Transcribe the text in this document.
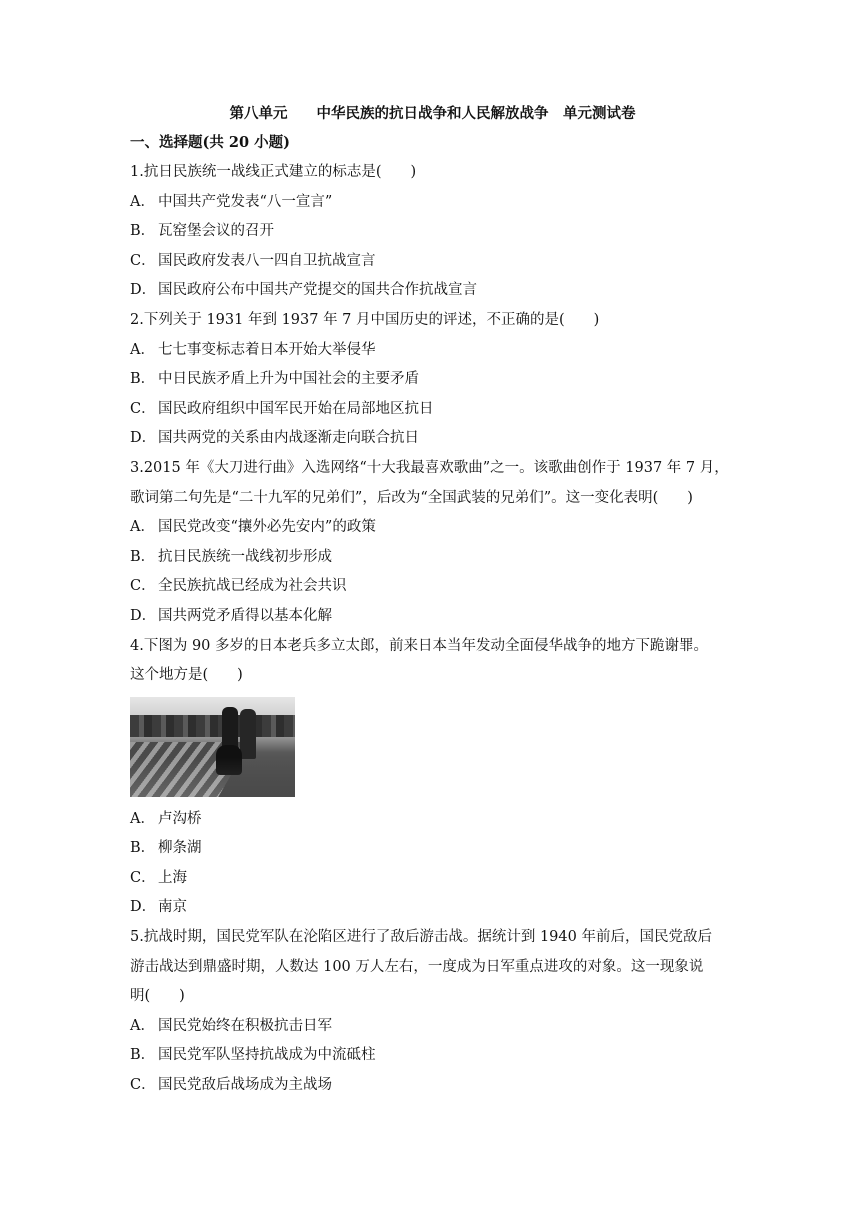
第八单元　　中华民族的抗日战争和人民解放战争　单元测试卷
一、选择题(共 20 小题)
1.抗日民族统一战线正式建立的标志是(　　)
A． 中国共产党发表“八一宣言”
B． 瓦窑堡会议的召开
C． 国民政府发表八一四自卫抗战宣言
D． 国民政府公布中国共产党提交的国共合作抗战宣言
2.下列关于 1931 年到 1937 年 7 月中国历史的评述，不正确的是(　　)
A． 七七事变标志着日本开始大举侵华
B． 中日民族矛盾上升为中国社会的主要矛盾
C． 国民政府组织中国军民开始在局部地区抗日
D． 国共两党的关系由内战逐渐走向联合抗日
3.2015 年《大刀进行曲》入选网络“十大我最喜欢歌曲”之一。该歌曲创作于 1937 年 7 月，
歌词第二句先是“二十九军的兄弟们”，后改为“全国武装的兄弟们”。这一变化表明(　　)
A． 国民党改变“攘外必先安内”的政策
B． 抗日民族统一战线初步形成
C． 全民族抗战已经成为社会共识
D． 国共两党矛盾得以基本化解
4.下图为 90 多岁的日本老兵多立太郎，前来日本当年发动全面侵华战争的地方下跪谢罪。
这个地方是(　　)
A． 卢沟桥
B． 柳条湖
C． 上海
D． 南京
5.抗战时期，国民党军队在沦陷区进行了敌后游击战。据统计到 1940 年前后，国民党敌后
游击战达到鼎盛时期，人数达 100 万人左右，一度成为日军重点进攻的对象。这一现象说
明(　　)
A． 国民党始终在积极抗击日军
B． 国民党军队坚持抗战成为中流砥柱
C． 国民党敌后战场成为主战场
